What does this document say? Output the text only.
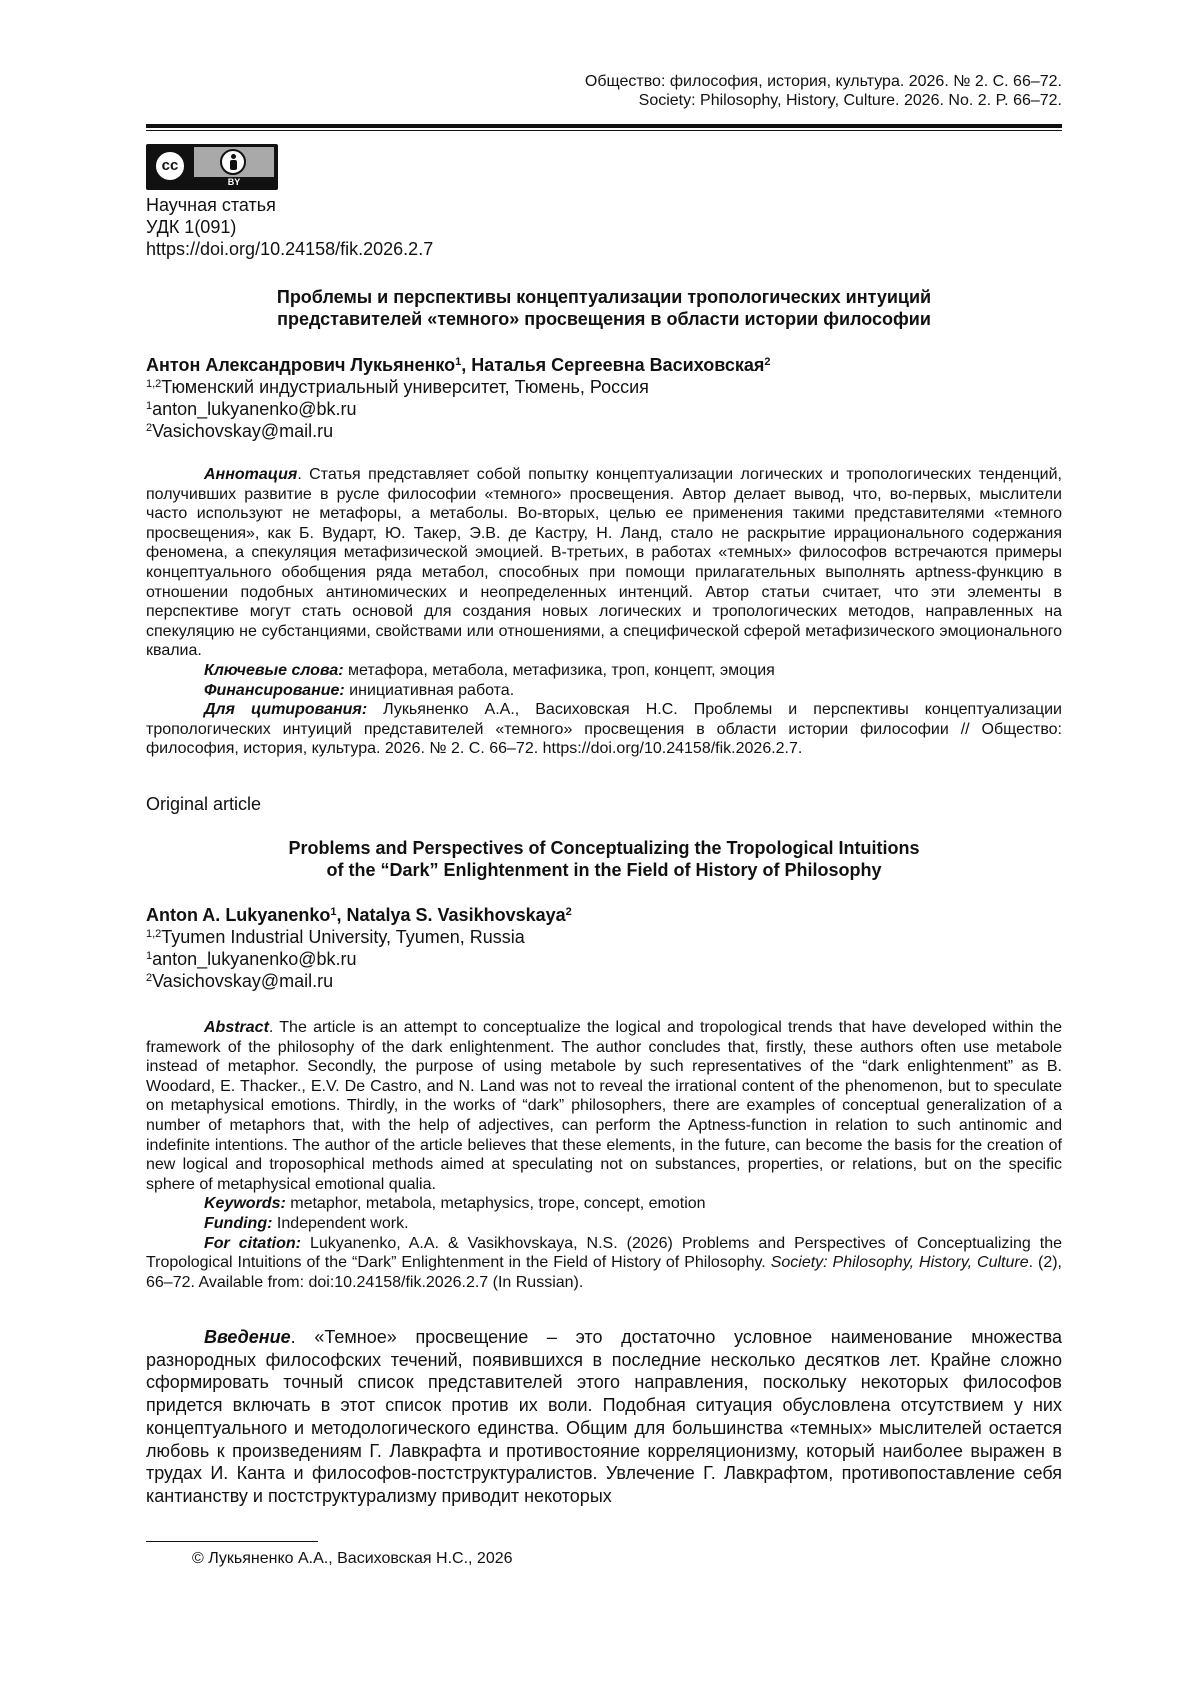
Общество: философия, история, культура. 2026. № 2. С. 66–72.
Society: Philosophy, History, Culture. 2026. No. 2. P. 66–72.
cc
BY
Научная статья
УДК 1(091)
https://doi.org/10.24158/fik.2026.2.7
Проблемы и перспективы концептуализации тропологических интуиций
представителей «темного» просвещения в области истории философии
Антон Александрович Лукьяненко$^1$, Наталья Сергеевна Васиховская$^2$
$^{1,2}$Тюменский индустриальный университет, Тюмень, Россия
$^1$anton_lukyanenko@bk.ru
$^2$Vasichovskay@mail.ru

Аннотация. Статья представляет собой попытку концептуализации логических и тропологических тенденций, получивших развитие в русле философии «темного» просвещения. Автор делает вывод, что, во-первых, мыслители часто используют не метафоры, а метаболы. Во-вторых, целью ее применения такими представителями «темного просвещения», как Б. Вударт, Ю. Такер, Э.В. де Кастру, Н. Ланд, стало не раскрытие иррационального содержания феномена, а спекуляция метафизической эмоцией. В-третьих, в работах «темных» философов встречаются примеры концептуального обобщения ряда метабол, способных при помощи прилагательных выполнять aptness-функцию в отношении подобных антиномических и неопределенных интенций. Автор статьи считает, что эти элементы в перспективе могут стать основой для создания новых логических и тропологических методов, направленных на спекуляцию не субстанциями, свойствами или отношениями, а специфической сферой метафизического эмоционального квалиа.

Ключевые слова: метафора, метабола, метафизика, троп, концепт, эмоция

Финансирование: инициативная работа.

Для цитирования: Лукьяненко А.А., Васиховская Н.С. Проблемы и перспективы концептуализации тропологических интуиций представителей «темного» просвещения в области истории философии // Общество: философия, история, культура. 2026. № 2. С. 66–72. https://doi.org/10.24158/fik.2026.2.7.

Original article
Problems and Perspectives of Conceptualizing the Tropological Intuitions
of the “Dark” Enlightenment in the Field of History of Philosophy
Anton A. Lukyanenko$^1$, Natalya S. Vasikhovskaya$^2$
$^{1,2}$Tyumen Industrial University, Tyumen, Russia
$^1$anton_lukyanenko@bk.ru
$^2$Vasichovskay@mail.ru

Abstract. The article is an attempt to conceptualize the logical and tropological trends that have developed within the framework of the philosophy of the dark enlightenment. The author concludes that, firstly, these authors often use metabole instead of metaphor. Secondly, the purpose of using metabole by such representatives of the “dark enlightenment” as B. Woodard, E. Thacker., E.V. De Castro, and N. Land was not to reveal the irrational content of the phenomenon, but to speculate on metaphysical emotions. Thirdly, in the works of “dark” philosophers, there are examples of conceptual generalization of a number of metaphors that, with the help of adjectives, can perform the Aptness-function in relation to such antinomic and indefinite intentions. The author of the article believes that these elements, in the future, can become the basis for the creation of new logical and troposophical methods aimed at speculating not on substances, properties, or relations, but on the specific sphere of metaphysical emotional qualia.

Keywords: metaphor, metabola, metaphysics, trope, concept, emotion

Funding: Independent work.

For citation: Lukyanenko, A.A. & Vasikhovskaya, N.S. (2026) Problems and Perspectives of Conceptualizing the Tropological Intuitions of the “Dark” Enlightenment in the Field of History of Philosophy. Society: Philosophy, History, Culture. (2), 66–72. Available from: doi:10.24158/fik.2026.2.7 (In Russian).

Введение. «Темное» просвещение – это достаточно условное наименование множества разнородных философских течений, появившихся в последние несколько десятков лет. Крайне сложно сформировать точный список представителей этого направления, поскольку некоторых философов придется включать в этот список против их воли. Подобная ситуация обусловлена отсутствием у них концептуального и методологического единства. Общим для большинства «темных» мыслителей остается любовь к произведениям Г. Лавкрафта и противостояние корреляционизму, который наиболее выражен в трудах И. Канта и философов-постструктуралистов. Увлечение Г. Лавкрафтом, противопоставление себя кантианству и постструктурализму приводит некоторых

© Лукьяненко А.А., Васиховская Н.С., 2026
